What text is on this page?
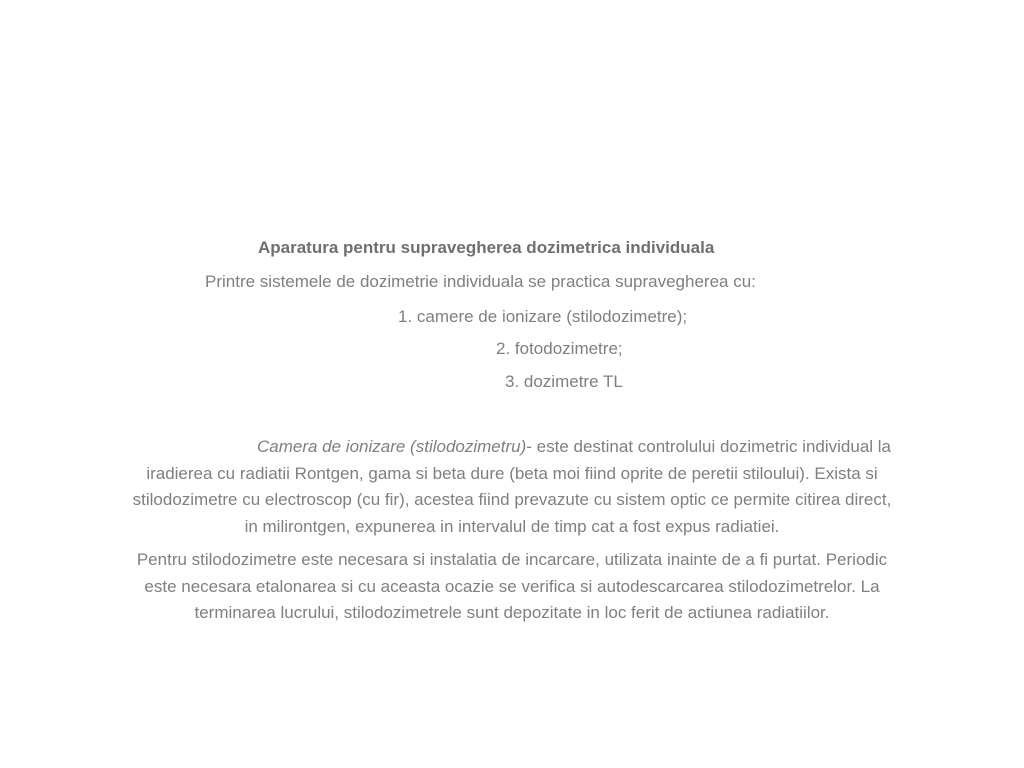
Aparatura pentru supravegherea dozimetrica individuala
Printre sistemele de dozimetrie individuala se practica supravegherea cu:
1. camere de ionizare (stilodozimetre);
2. fotodozimetre;
3. dozimetre TL
Camera de ionizare (stilodozimetru)- este destinat controlului dozimetric individual la
iradierea cu radiatii Rontgen, gama si beta dure (beta moi fiind oprite de peretii stiloului). Exista si
stilodozimetre cu electroscop (cu fir), acestea fiind prevazute cu sistem optic ce permite citirea direct,
in milirontgen, expunerea in intervalul de timp cat a fost expus radiatiei.
Pentru stilodozimetre este necesara si instalatia de incarcare, utilizata inainte de a fi purtat. Periodic
este necesara etalonarea si cu aceasta ocazie se verifica si autodescarcarea stilodozimetrelor. La
terminarea lucrului, stilodozimetrele sunt depozitate in loc ferit de actiunea radiatiilor.
